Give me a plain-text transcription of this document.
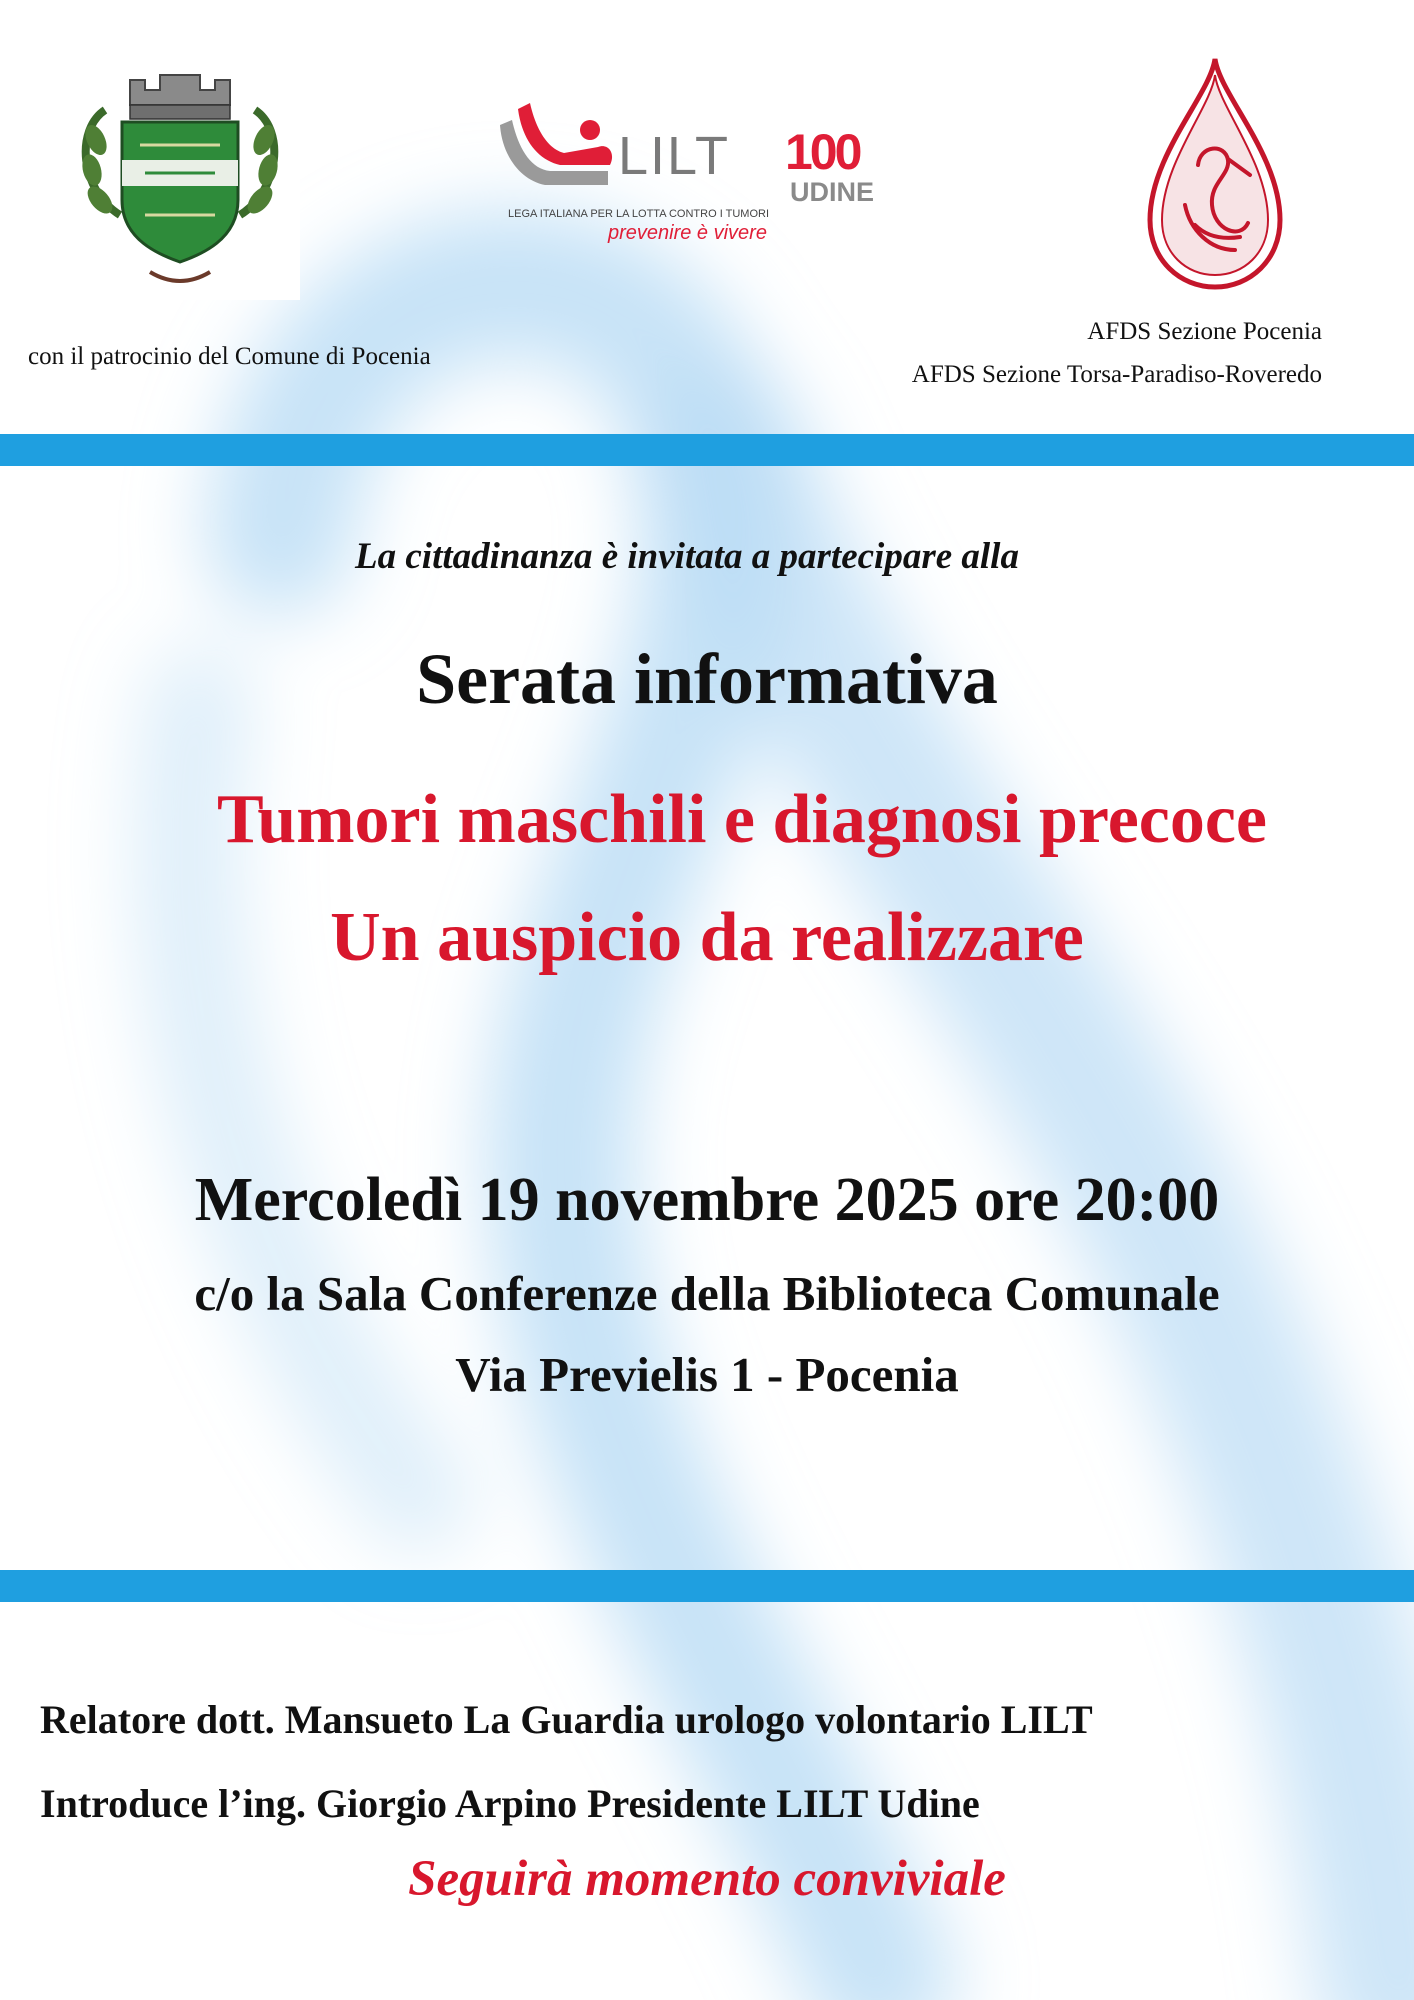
LILT 100
UDINE
LEGA ITALIANA PER LA LOTTA CONTRO I TUMORI
prevenire è vivere
con il patrocinio del Comune di Pocenia
AFDS Sezione Pocenia
AFDS Sezione Torsa-Paradiso-Roveredo
La cittadinanza è invitata a partecipare alla
Serata informativa
Tumori maschili e diagnosi precoce
Un auspicio da realizzare
Mercoledì 19 novembre 2025 ore 20:00
c/o la Sala Conferenze della Biblioteca Comunale
Via Previelis 1 - Pocenia
Relatore dott. Mansueto La Guardia urologo volontario LILT
Introduce l’ing. Giorgio Arpino Presidente LILT Udine
Seguirà momento conviviale
